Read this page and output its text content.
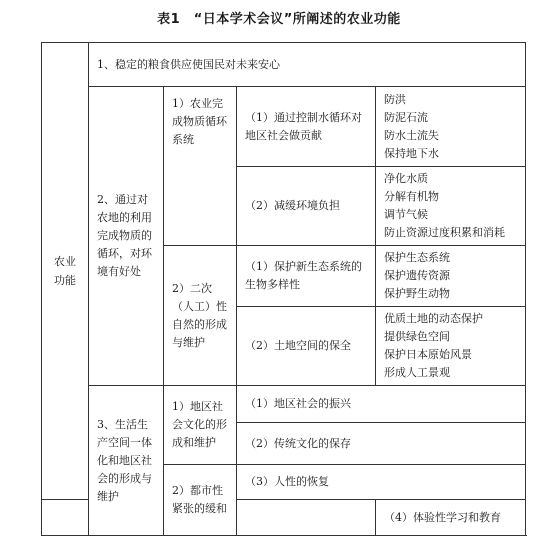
表1　“日本学术会议”所阐述的农业功能
农业功能	1、稳定的粮食供应使国民对未来安心			
	2、通过对农地的利用完成物质的循环，对环境有好处	1）农业完成物质循环系统	（1）通过控制水循环对地区社会做贡献	防洪
防泥石流
防水土流失
保持地下水

			（2）减缓环境负担	净化水质
分解有机物
调节气候
防止资源过度积累和消耗

		2）二次（人工）性自然的形成与维护	（1）保护新生态系统的生物多样性	保护生态系统
保护遗传资源
保护野生动物

			（2）土地空间的保全	优质土地的动态保护
提供绿色空间
保护日本原始风景
形成人工景观

	3、生活生产空间一体化和地区社会的形成与维护	1）地区社会文化的形成和维护	（1）地区社会的振兴	
			（2）传统文化的保存	
		2）都市性紧张的缓和	（3）人性的恢复	
				（4）体验性学习和教育
